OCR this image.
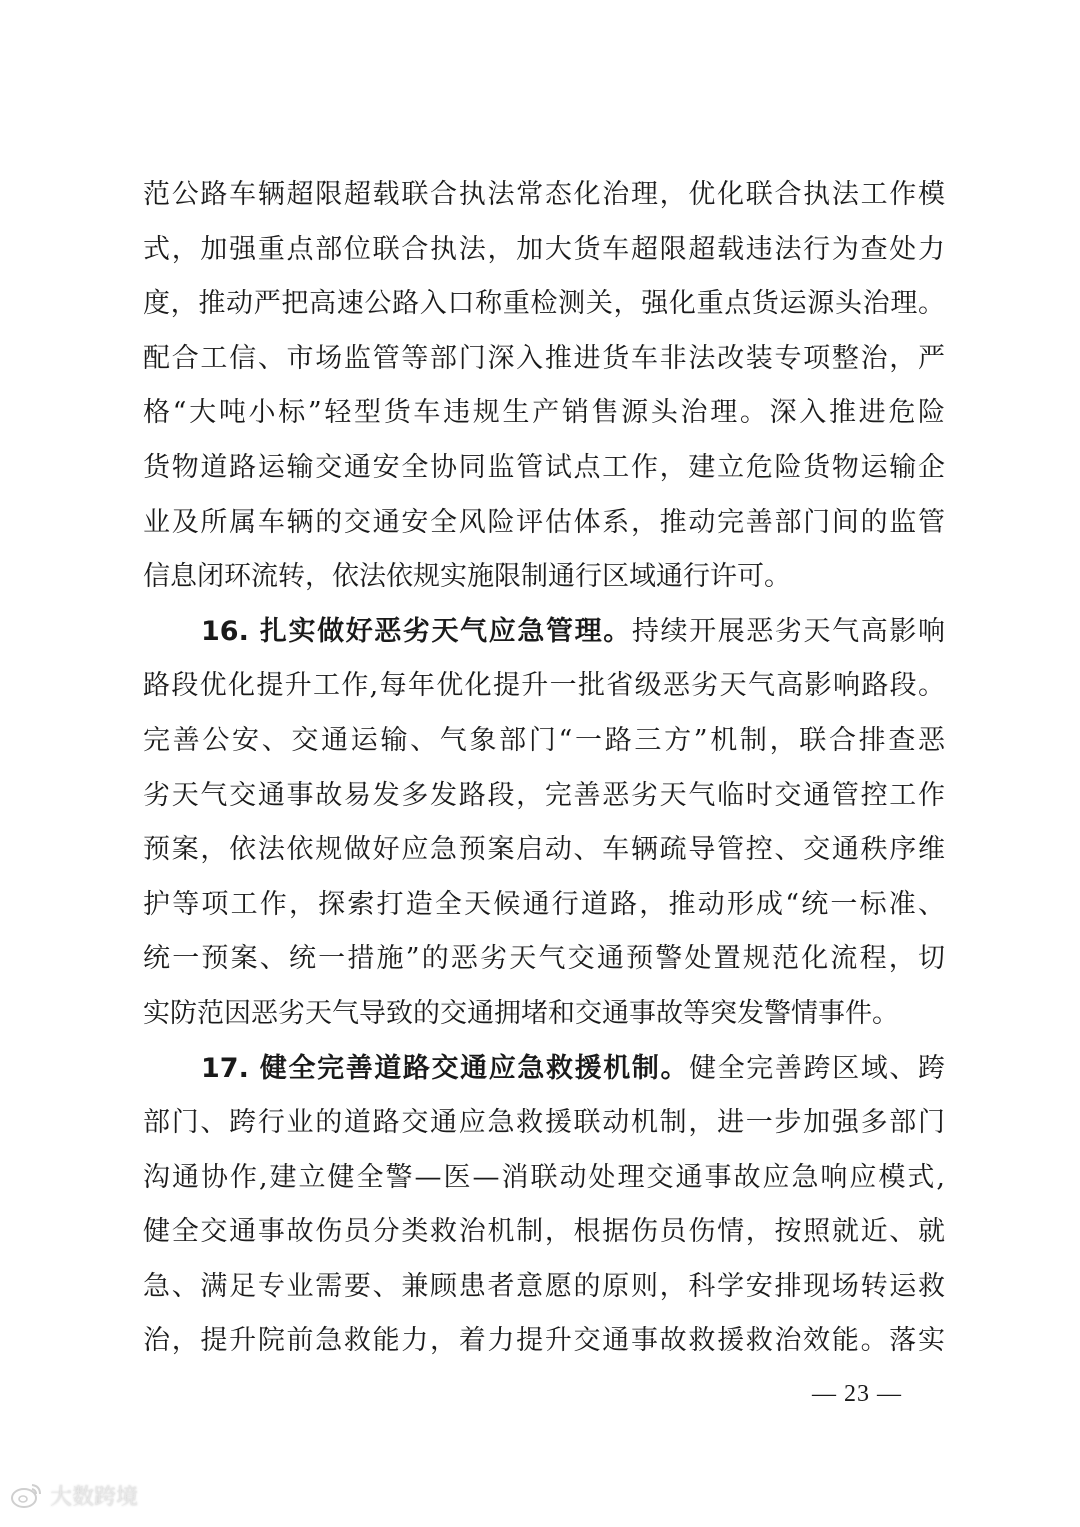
范公路车辆超限超载联合执法常态化治理，优化联合执法工作模
式，加强重点部位联合执法，加大货车超限超载违法行为查处力
度，推动严把高速公路入口称重检测关，强化重点货运源头治理。
配合工信、市场监管等部门深入推进货车非法改装专项整治，严
格“大吨小标”轻型货车违规生产销售源头治理。深入推进危险
货物道路运输交通安全协同监管试点工作，建立危险货物运输企
业及所属车辆的交通安全风险评估体系，推动完善部门间的监管
信息闭环流转，依法依规实施限制通行区域通行许可。
16. 扎实做好恶劣天气应急管理。持续开展恶劣天气高影响
路段优化提升工作,每年优化提升一批省级恶劣天气高影响路段。
完善公安、交通运输、气象部门“一路三方”机制，联合排查恶
劣天气交通事故易发多发路段，完善恶劣天气临时交通管控工作
预案，依法依规做好应急预案启动、车辆疏导管控、交通秩序维
护等项工作，探索打造全天候通行道路，推动形成“统一标准、
统一预案、统一措施”的恶劣天气交通预警处置规范化流程，切
实防范因恶劣天气导致的交通拥堵和交通事故等突发警情事件。
17. 健全完善道路交通应急救援机制。健全完善跨区域、跨
部门、跨行业的道路交通应急救援联动机制，进一步加强多部门
沟通协作,建立健全警—医—消联动处理交通事故应急响应模式,
健全交通事故伤员分类救治机制，根据伤员伤情，按照就近、就
急、满足专业需要、兼顾患者意愿的原则，科学安排现场转运救
治，提升院前急救能力，着力提升交通事故救援救治效能。落实
— 23 —
大数跨境
